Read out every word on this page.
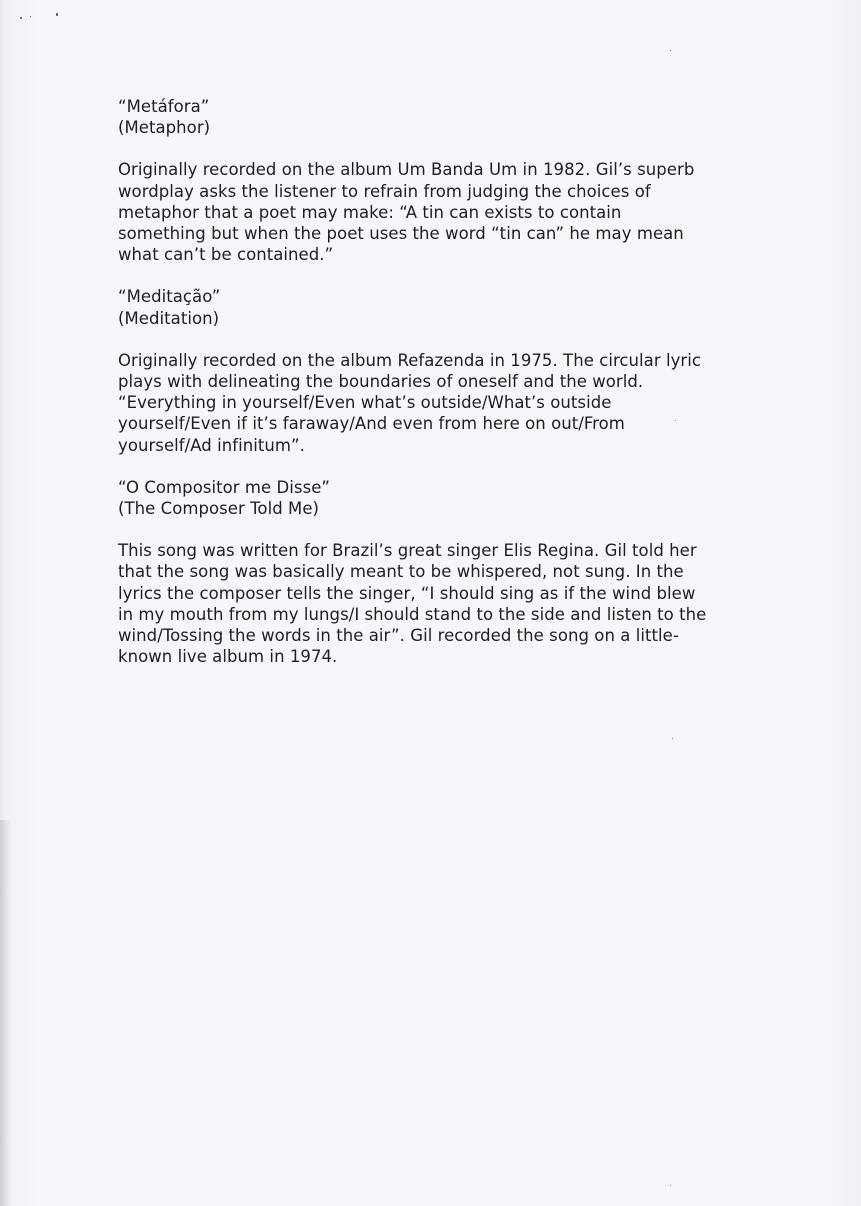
“Metáfora”
(Metaphor)
Originally recorded on the album Um Banda Um in 1982. Gil’s superb
wordplay asks the listener to refrain from judging the choices of
metaphor that a poet may make: “A tin can exists to contain
something but when the poet uses the word “tin can” he may mean
what can’t be contained.”
“Meditação”
(Meditation)
Originally recorded on the album Refazenda in 1975. The circular lyric
plays with delineating the boundaries of oneself and the world.
“Everything in yourself/Even what’s outside/What’s outside
yourself/Even if it’s faraway/And even from here on out/From
yourself/Ad infinitum”.
“O Compositor me Disse”
(The Composer Told Me)
This song was written for Brazil’s great singer Elis Regina. Gil told her
that the song was basically meant to be whispered, not sung. In the
lyrics the composer tells the singer, “I should sing as if the wind blew
in my mouth from my lungs/I should stand to the side and listen to the
wind/Tossing the words in the air”. Gil recorded the song on a little-
known live album in 1974.
